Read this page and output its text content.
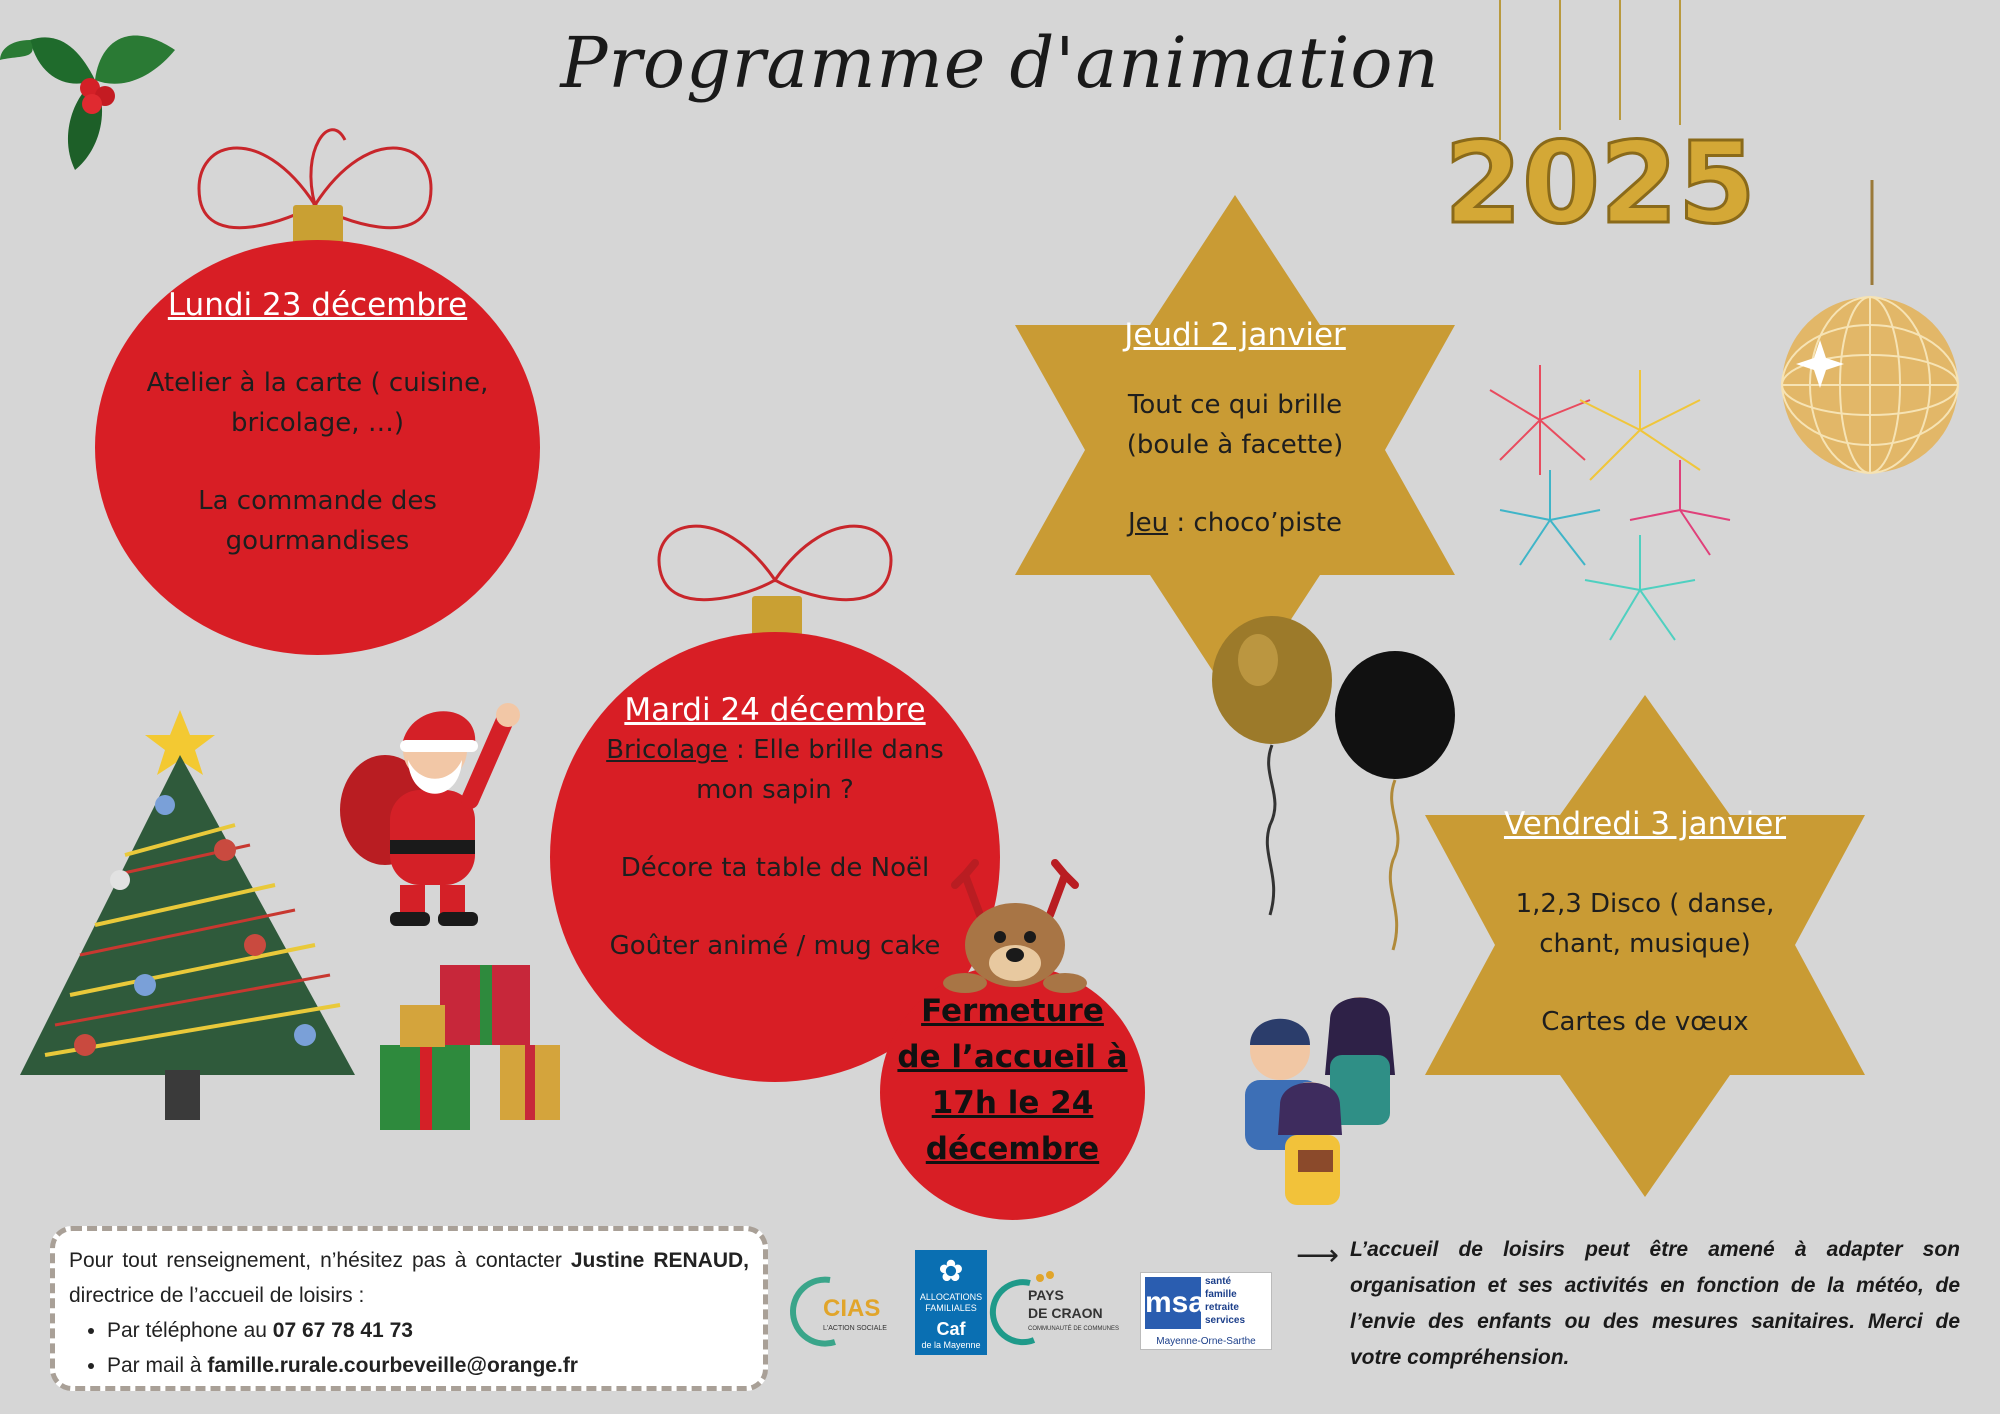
Programme d'animation
Lundi 23 décembre
Atelier à la carte ( cuisine,
bricolage, …)
La commande des
gourmandises
Mardi 24 décembre
Bricolage : Elle brille dans
mon sapin ?
Décore ta table de Noël
Goûter animé / mug cake
Fermeture
de l’accueil à
17h le 24
décembre
Jeudi 2 janvier
Tout ce qui brille
(boule à facette)
Jeu : choco’piste
Vendredi 3 janvier
1,2,3 Disco ( danse,
chant, musique)
Cartes de vœux
2025
Pour tout renseignement, n’hésitez pas à contacter Justine RENAUD, directrice de l’accueil de loisirs :
• Par téléphone au 07 67 78 41 73
• Par mail à famille.rurale.courbeveille@orange.fr
CIAS
L'ACTION SOCIALE
✿
ALLOCATIONS FAMILIALES
Caf
de la Mayenne
PAYS
DE CRAON
COMMUNAUTÉ DE COMMUNES
msa
santé
famille
retraite
services
Mayenne-Orne-Sarthe
⟶ L’accueil de loisirs peut être amené à adapter son organisation et ses activités en fonction de la météo, de l’envie des enfants ou des mesures sanitaires. Merci de votre compréhension.
